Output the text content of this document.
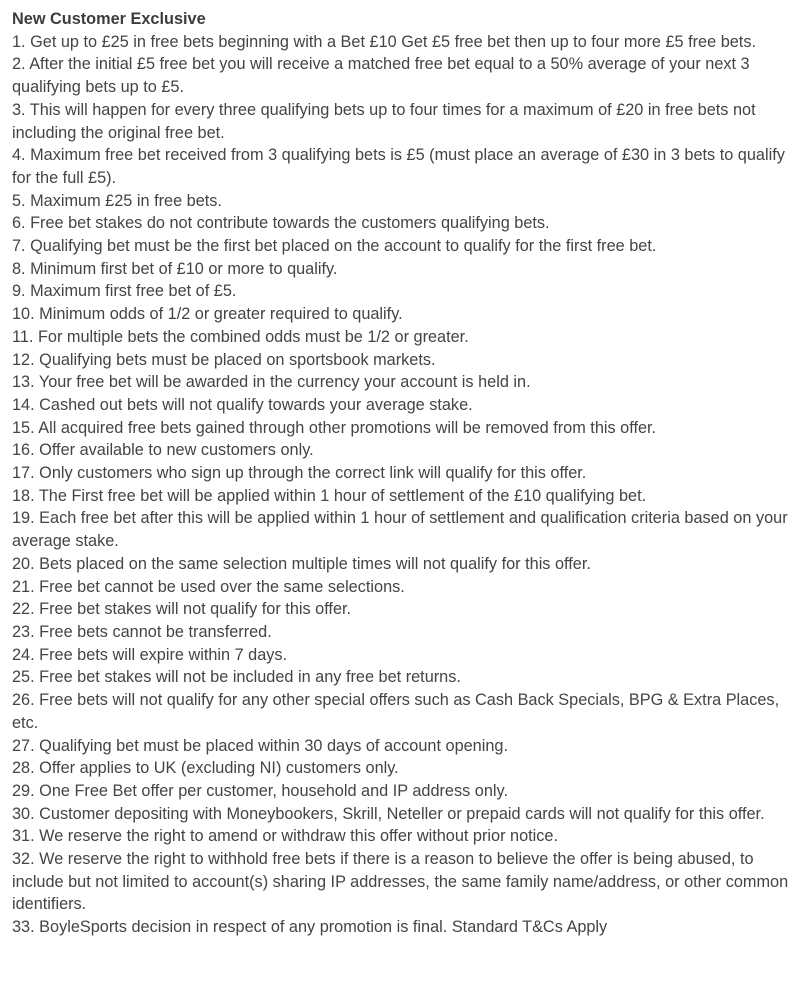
New Customer Exclusive
1. Get up to £25 in free bets beginning with a Bet £10 Get £5 free bet then up to four more £5 free bets.
2. After the initial £5 free bet you will receive a matched free bet equal to a 50% average of your next 3 qualifying bets up to £5.
3. This will happen for every three qualifying bets up to four times for a maximum of £20 in free bets not including the original free bet.
4. Maximum free bet received from 3 qualifying bets is £5 (must place an average of £30 in 3 bets to qualify for the full £5).
5. Maximum £25 in free bets.
6. Free bet stakes do not contribute towards the customers qualifying bets.
7. Qualifying bet must be the first bet placed on the account to qualify for the first free bet.
8. Minimum first bet of £10 or more to qualify.
9. Maximum first free bet of £5.
10. Minimum odds of 1/2 or greater required to qualify.
11. For multiple bets the combined odds must be 1/2 or greater.
12. Qualifying bets must be placed on sportsbook markets.
13. Your free bet will be awarded in the currency your account is held in.
14. Cashed out bets will not qualify towards your average stake.
15. All acquired free bets gained through other promotions will be removed from this offer.
16. Offer available to new customers only.
17. Only customers who sign up through the correct link will qualify for this offer.
18. The First free bet will be applied within 1 hour of settlement of the £10 qualifying bet.
19. Each free bet after this will be applied within 1 hour of settlement and qualification criteria based on your average stake.
20. Bets placed on the same selection multiple times will not qualify for this offer.
21. Free bet cannot be used over the same selections.
22. Free bet stakes will not qualify for this offer.
23. Free bets cannot be transferred.
24. Free bets will expire within 7 days.
25. Free bet stakes will not be included in any free bet returns.
26. Free bets will not qualify for any other special offers such as Cash Back Specials, BPG & Extra Places, etc.
27. Qualifying bet must be placed within 30 days of account opening.
28. Offer applies to UK (excluding NI) customers only.
29. One Free Bet offer per customer, household and IP address only.
30. Customer depositing with Moneybookers, Skrill, Neteller or prepaid cards will not qualify for this offer.
31. We reserve the right to amend or withdraw this offer without prior notice.
32. We reserve the right to withhold free bets if there is a reason to believe the offer is being abused, to include but not limited to account(s) sharing IP addresses, the same family name/address, or other common identifiers.
33. BoyleSports decision in respect of any promotion is final. Standard T&Cs Apply
